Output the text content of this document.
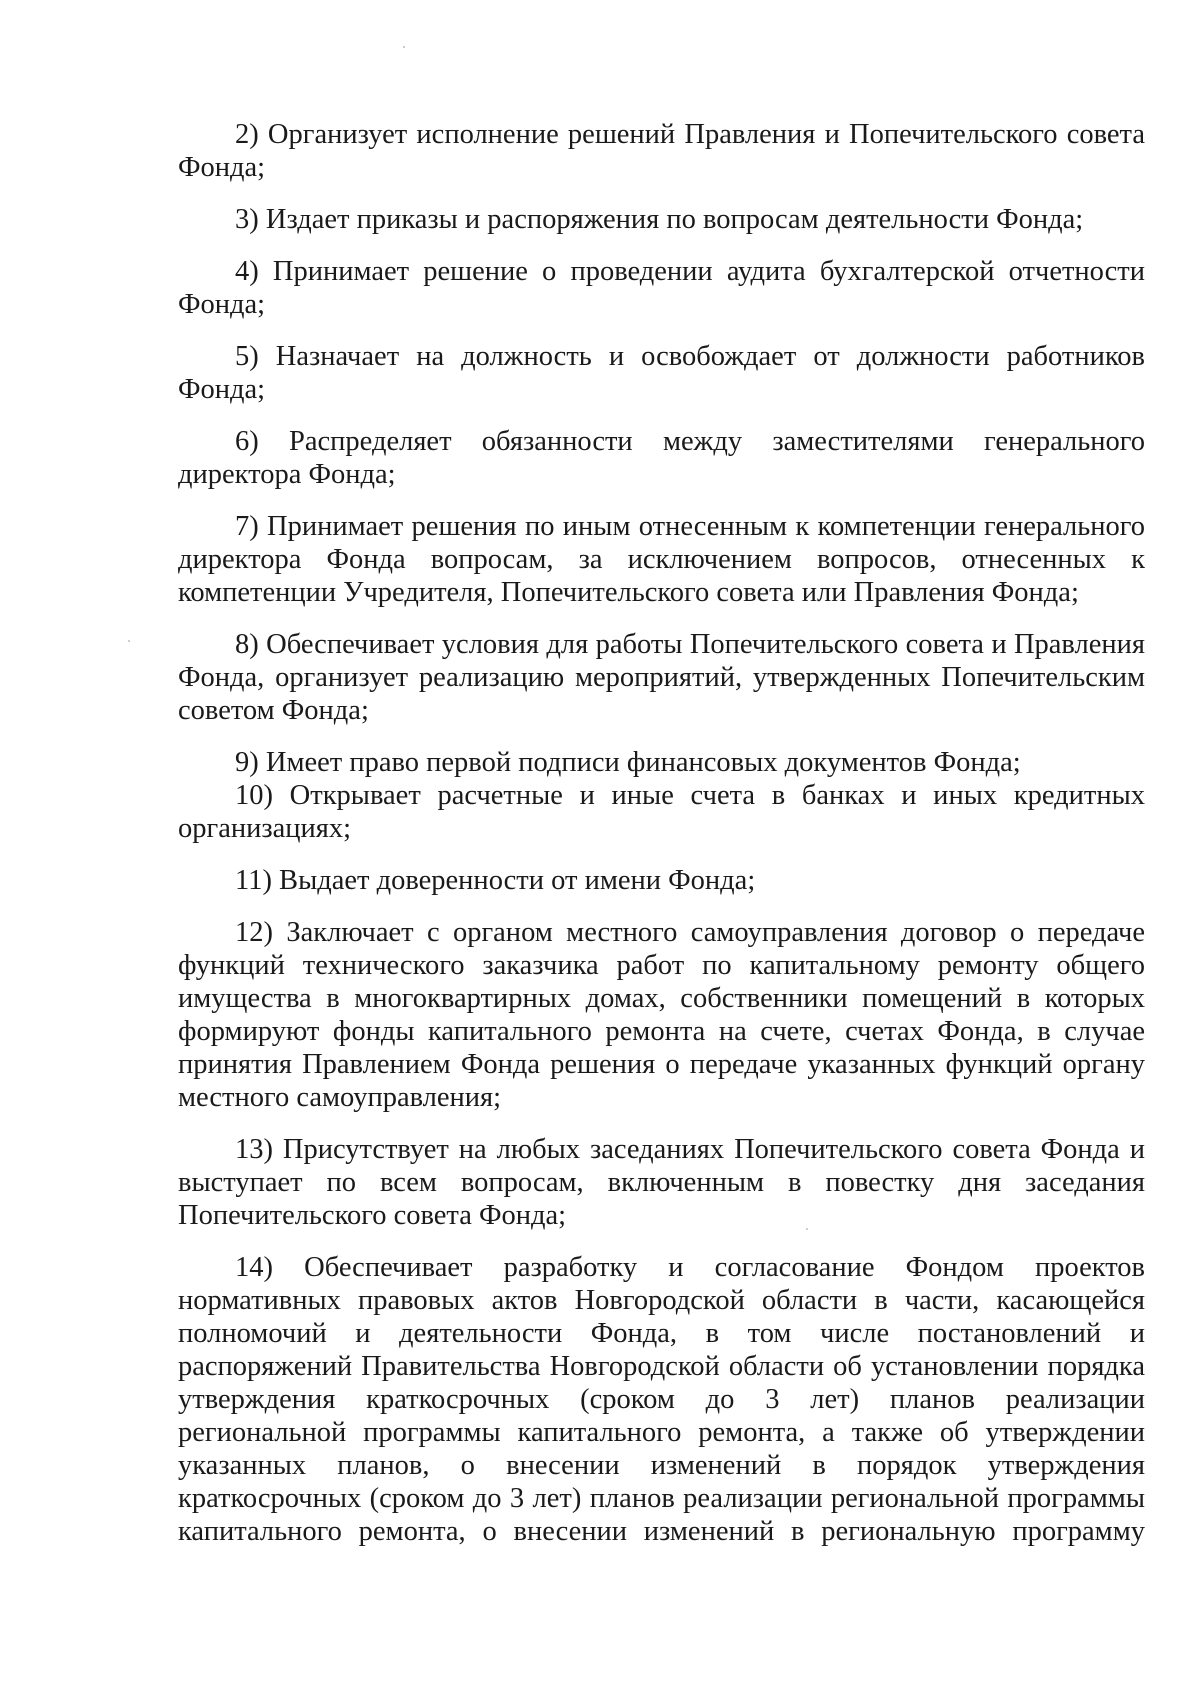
2) Организует исполнение решений Правления и Попечительского совета Фонда;

3) Издает приказы и распоряжения по вопросам деятельности Фонда;

4) Принимает решение о проведении аудита бухгалтерской отчетности Фонда;

5) Назначает на должность и освобождает от должности работников Фонда;

6) Распределяет обязанности между заместителями генерального директора Фонда;

7) Принимает решения по иным отнесенным к компетенции генерального директора Фонда вопросам, за исключением вопросов, отнесенных к компетенции Учредителя, Попечительского совета или Правления Фонда;

8) Обеспечивает условия для работы Попечительского совета и Правления Фонда, организует реализацию мероприятий, утвержденных Попечительским советом Фонда;

9) Имеет право первой подписи финансовых документов Фонда;

10) Открывает расчетные и иные счета в банках и иных кредитных организациях;

11) Выдает доверенности от имени Фонда;

12) Заключает с органом местного самоуправления договор о передаче функций технического заказчика работ по капитальному ремонту общего имущества в многоквартирных домах, собственники помещений в которых формируют фонды капитального ремонта на счете, счетах Фонда, в случае принятия Правлением Фонда решения о передаче указанных функций органу местного самоуправления;

13) Присутствует на любых заседаниях Попечительского совета Фонда и выступает по всем вопросам, включенным в повестку дня заседания Попечительского совета Фонда;

14) Обеспечивает разработку и согласование Фондом проектов нормативных правовых актов Новгородской области в части, касающейся полномочий и деятельности Фонда, в том числе постановлений и распоряжений Правительства Новгородской области об установлении порядка утверждения краткосрочных (сроком до 3 лет) планов реализации региональной программы капитального ремонта, а также об утверждении указанных планов, о внесении изменений в порядок утверждения краткосрочных (сроком до 3 лет) планов реализации региональной программы капитального ремонта, о внесении изменений в региональную программу
